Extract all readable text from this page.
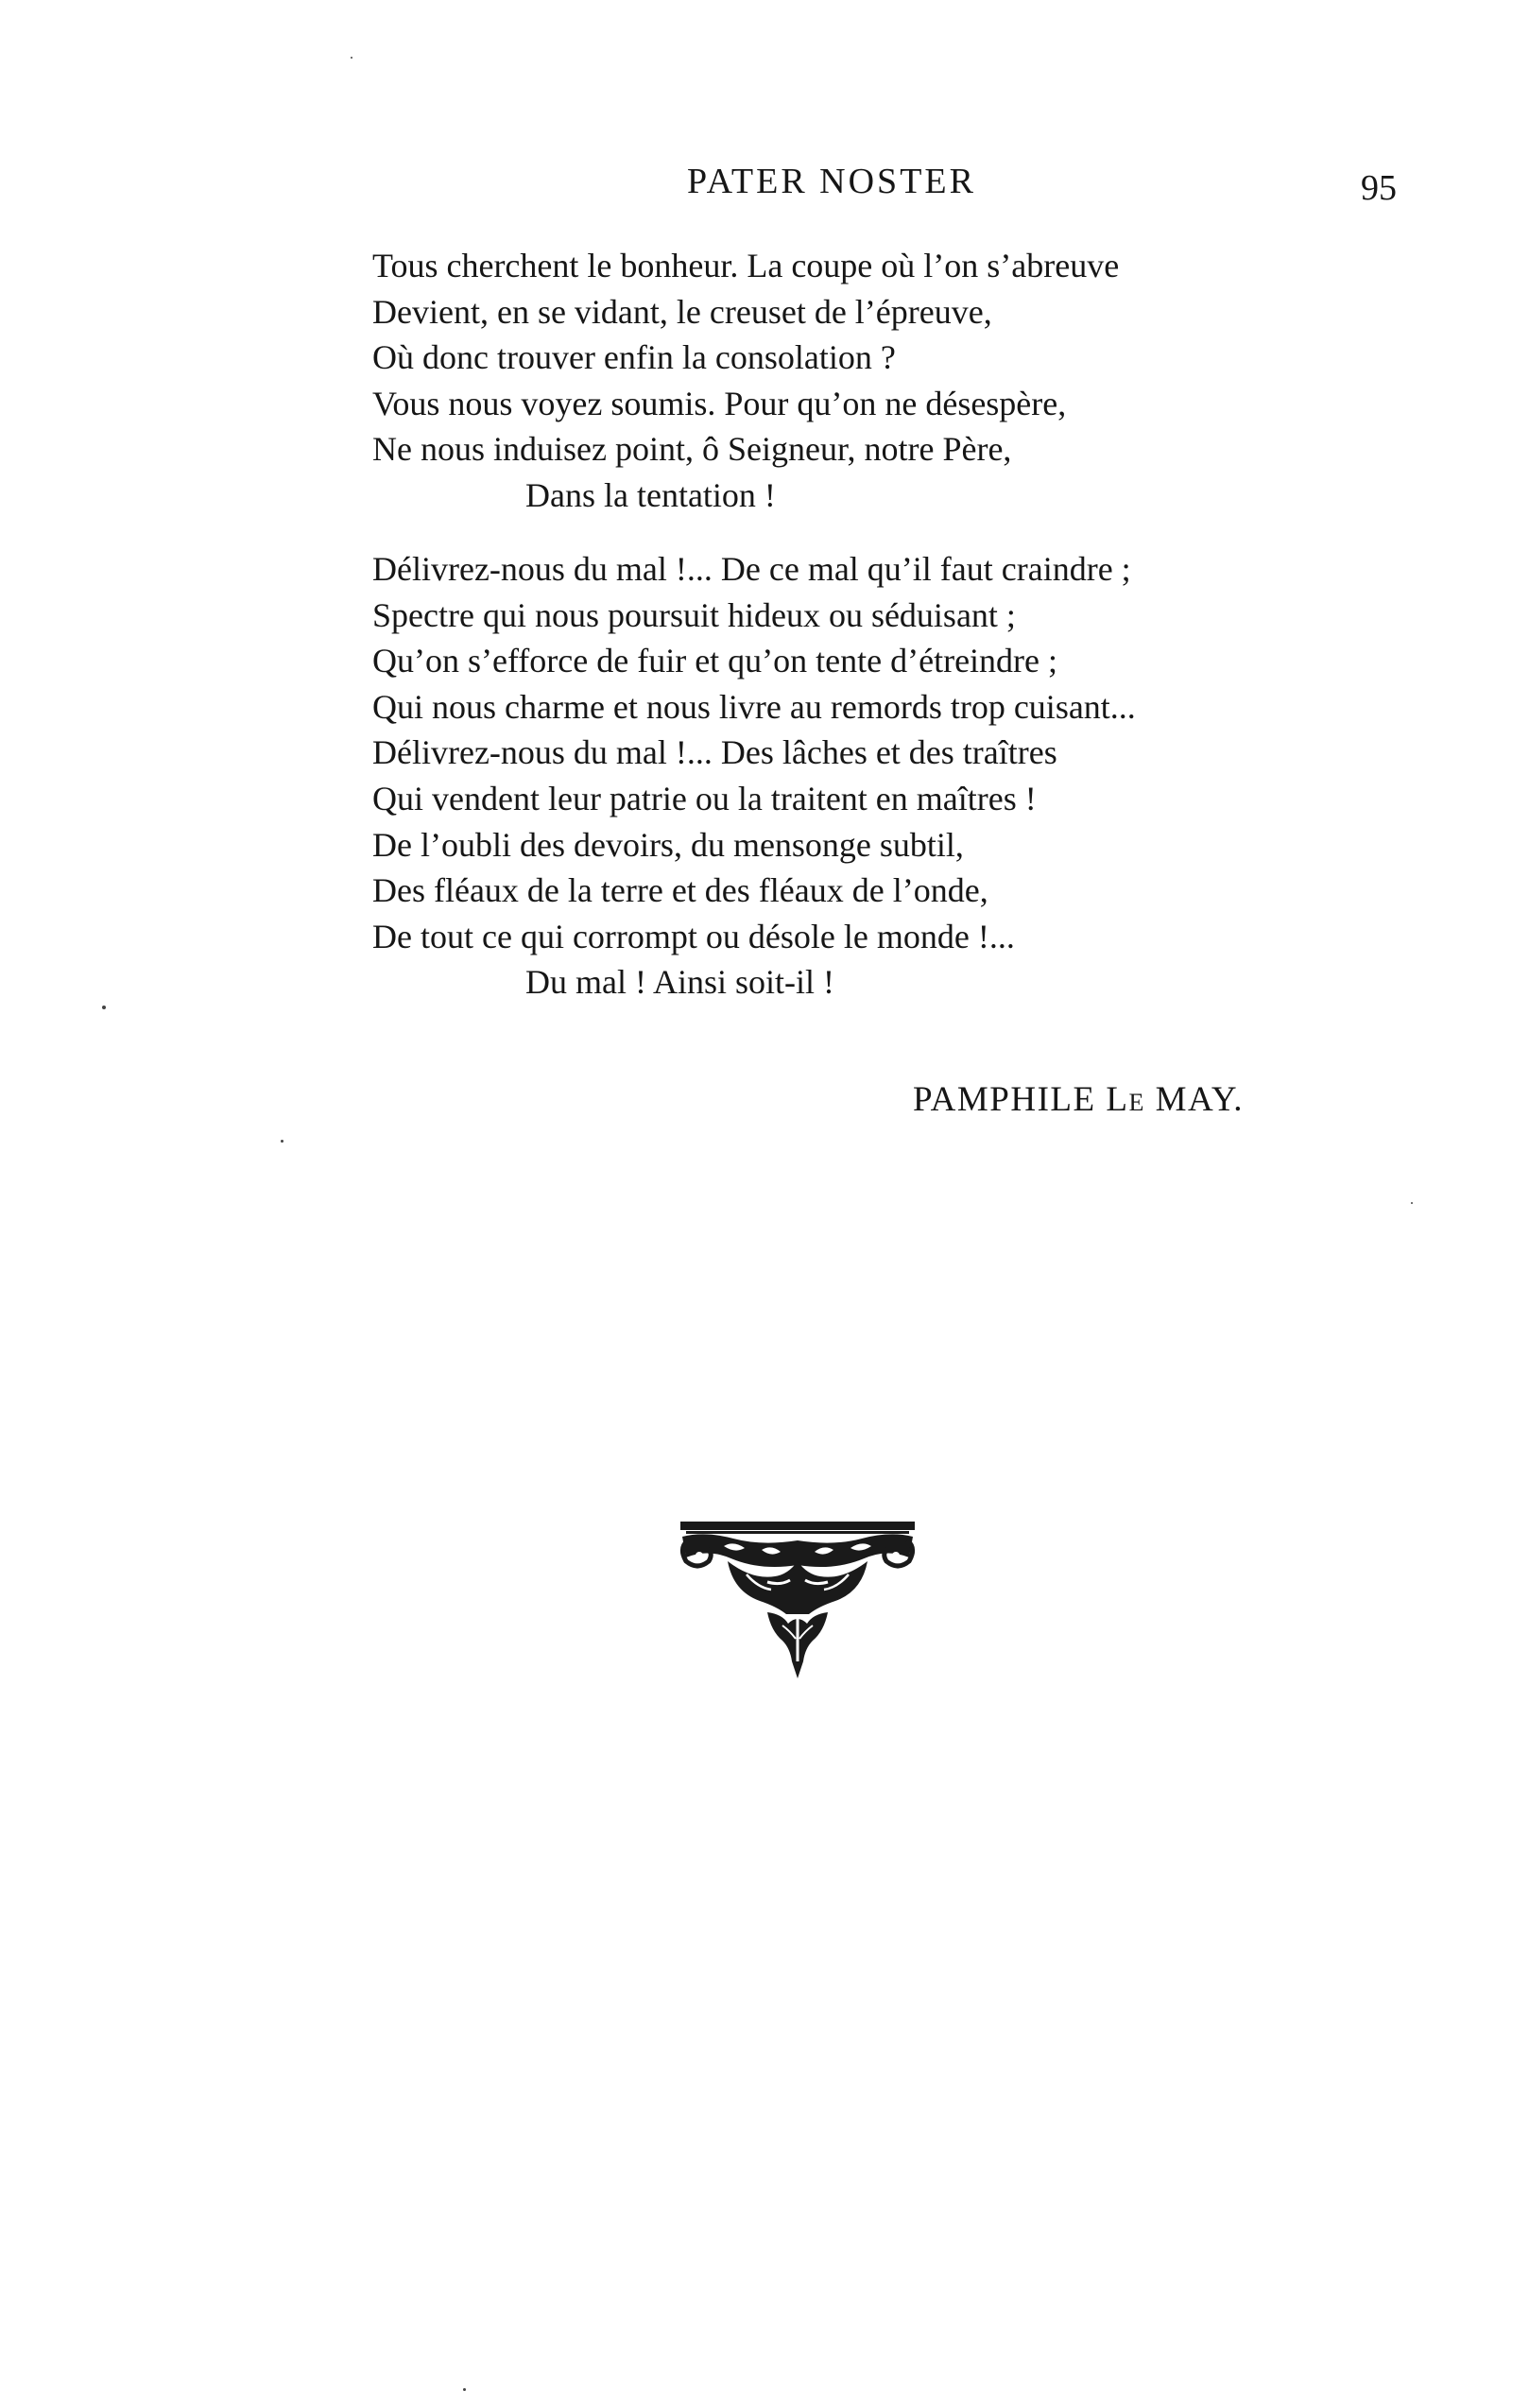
PATER NOSTER	95
Tous cherchent le bonheur. La coupe où l’on s’abreuve
Devient, en se vidant, le creuset de l’épreuve,
Où donc trouver enfin la consolation ?
Vous nous voyez soumis. Pour qu’on ne désespère,
Ne nous induisez point, ô Seigneur, notre Père,
Dans la tentation !
Délivrez-nous du mal !... De ce mal qu’il faut craindre ;
Spectre qui nous poursuit hideux ou séduisant ;
Qu’on s’efforce de fuir et qu’on tente d’étreindre ;
Qui nous charme et nous livre au remords trop cuisant...
Délivrez-nous du mal !... Des lâches et des traîtres
Qui vendent leur patrie ou la traitent en maîtres !
De l’oubli des devoirs, du mensonge subtil,
Des fléaux de la terre et des fléaux de l’onde,
De tout ce qui corrompt ou désole le monde !...
Du mal ! Ainsi soit-il !
PAMPHILE Le MAY.
